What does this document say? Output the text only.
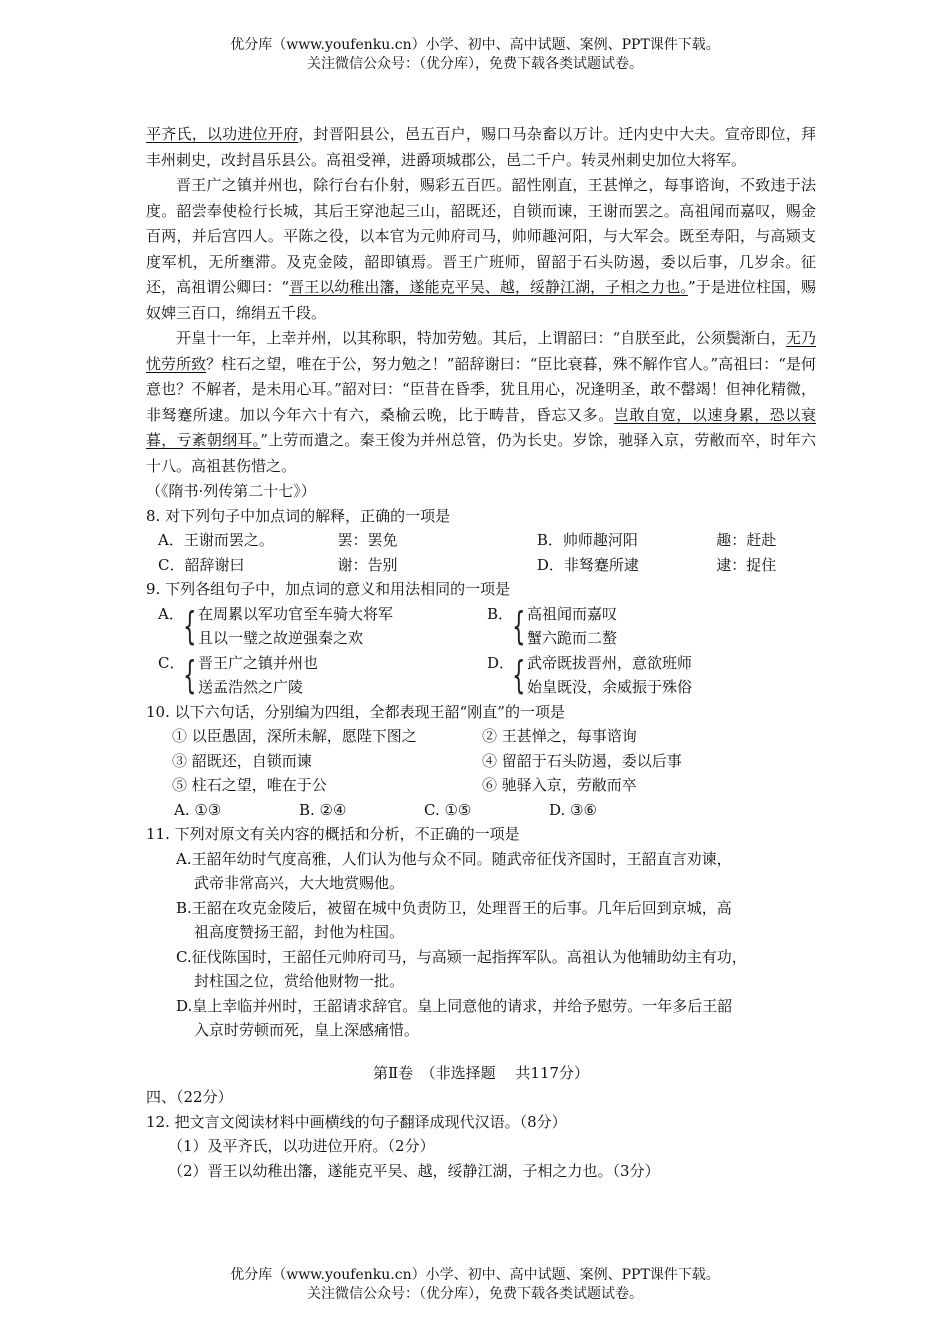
优分库（www.youfenku.cn）小学、初中、高中试题、案例、PPT课件下载。
关注微信公众号：（优分库），免费下载各类试题试卷。

平齐氏，以功进位开府，封晋阳县公，邑五百户，赐口马杂畜以万计。迁内史中大夫。宣帝即位，拜丰州刺史，改封昌乐县公。高祖受禅，进爵项城郡公，邑二千户。转灵州刺史加位大将军。

晋王广之镇并州也，除行台右仆射，赐彩五百匹。韶性刚直，王甚惮之，每事谘询，不致违于法度。韶尝奉使检行长城，其后王穿池起三山，韶既还，自锁而谏，王谢而罢之。高祖闻而嘉叹，赐金百两，并后宫四人。平陈之役，以本官为元帅府司马，帅师趣河阳，与大军会。既至寿阳，与高颎支度军机，无所壅滞。及克金陵，韶即镇焉。晋王广班师，留韶于石头防遏，委以后事，几岁余。征还，高祖谓公卿曰：“晋王以幼稚出籓，遂能克平吴、越，绥静江湖，子相之力也。”于是进位柱国，赐奴婢三百口，绵绢五千段。

开皇十一年，上幸并州，以其称职，特加劳勉。其后，上谓韶曰：“自朕至此，公须鬓渐白，无乃忧劳所致？柱石之望，唯在于公，努力勉之！”韶辞谢曰：“臣比衰暮，殊不解作官人。”高祖曰：“是何意也？不解者，是未用心耳。”韶对曰：“臣昔在昏季，犹且用心，况逢明圣，敢不罄竭！但神化精微，非驽蹇所逮。加以今年六十有六，桑榆云晚，比于畴昔，昏忘又多。岂敢自宽，以速身累，恐以衰暮，亏紊朝纲耳。”上劳而遣之。秦王俊为并州总管，仍为长史。岁馀，驰驿入京，劳敝而卒，时年六十八。高祖甚伤惜之。

（《隋书·列传第二十七》）

8. 对下列句子中加点词的解释，正确的一项是

A．王谢而罢之。	罢：罢免	B．帅师趣河阳	趣：赶赴
C．韶辞谢曰	谢：告别	D．非驽蹇所逮	逮：捉住

9. 下列各组句子中，加点词的意义和用法相同的一项是

A． { 在周累以军功官至车骑大将军
且以一璧之故逆强秦之欢
B． { 高祖闻而嘉叹
蟹六跪而二螯
C．
{ 晋王广之镇并州也
送孟浩然之广陵
D．
{ 武帝既拔晋州，意欲班师
始皇既没，余威振于殊俗

10. 以下六句话，分别编为四组，全都表现王韶“刚直”的一项是

① 以臣愚固，深所未解，愿陛下图之	② 王甚惮之，每事谘询
③ 韶既还，自锁而谏	④ 留韶于石头防遏，委以后事
⑤ 柱石之望，唯在于公	⑥ 驰驿入京，劳敝而卒
A. ①③	B. ②④	C. ①⑤	D. ③⑥

11. 下列对原文有关内容的概括和分析，不正确的一项是

A.王韶年幼时气度高雅，人们认为他与众不同。随武帝征伐齐国时，王韶直言劝谏，
武帝非常高兴，大大地赏赐他。
B.王韶在攻克金陵后，被留在城中负责防卫，处理晋王的后事。几年后回到京城，高
祖高度赞扬王韶，封他为柱国。
C.征伐陈国时，王韶任元帅府司马，与高颎一起指挥军队。高祖认为他辅助幼主有功，
封柱国之位，赏给他财物一批。
D.皇上幸临并州时，王韶请求辞官。皇上同意他的请求，并给予慰劳。一年多后王韶
入京时劳顿而死，皇上深感痛惜。

第Ⅱ卷　（非选择题　 共117分）

四、（22分）

12. 把文言文阅读材料中画横线的句子翻译成现代汉语。（8分）

（1）及平齐氏，以功进位开府。（2分）

（2）晋王以幼稚出籓，遂能克平吴、越，绥静江湖，子相之力也。（3分）

优分库（www.youfenku.cn）小学、初中、高中试题、案例、PPT课件下载。
关注微信公众号：（优分库），免费下载各类试题试卷。
